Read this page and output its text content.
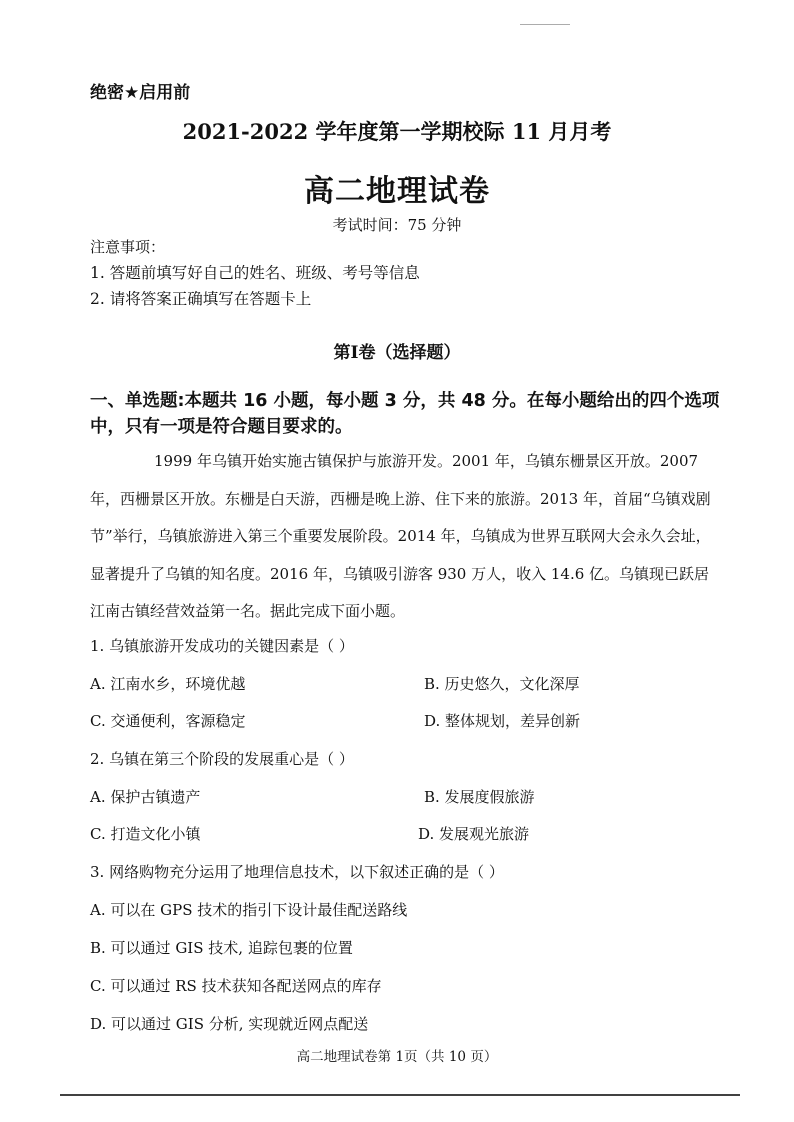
绝密★启用前
2021-2022 学年度第一学期校际 11 月月考
高二地理试卷
考试时间：75 分钟
注意事项：
1. 答题前填写好自己的姓名、班级、考号等信息
2. 请将答案正确填写在答题卡上
第Ⅰ卷（选择题）
一、单选题:本题共 16 小题，每小题 3 分，共 48 分。在每小题给出的四个选项中，只有一项是符合题目要求的。
1999 年乌镇开始实施古镇保护与旅游开发。2001 年，乌镇东栅景区开放。2007 年，西栅景区开放。东栅是白天游，西栅是晚上游、住下来的旅游。2013 年，首届“乌镇戏剧节”举行，乌镇旅游进入第三个重要发展阶段。2014 年，乌镇成为世界互联网大会永久会址，显著提升了乌镇的知名度。2016 年，乌镇吸引游客 930 万人，收入 14.6 亿。乌镇现已跃居江南古镇经营效益第一名。据此完成下面小题。
1. 乌镇旅游开发成功的关键因素是（ ）
A. 江南水乡，环境优越	B. 历史悠久，文化深厚
C. 交通便利，客源稳定	D. 整体规划，差异创新
2. 乌镇在第三个阶段的发展重心是（ ）
A. 保护古镇遗产	B. 发展度假旅游
C. 打造文化小镇	D. 发展观光旅游
3. 网络购物充分运用了地理信息技术，以下叙述正确的是（ ）
A. 可以在 GPS 技术的指引下设计最佳配送路线
B. 可以通过 GIS 技术, 追踪包裹的位置
C. 可以通过 RS 技术获知各配送网点的库存
D. 可以通过 GIS 分析, 实现就近网点配送
高二地理试卷第 1页（共 10 页）
